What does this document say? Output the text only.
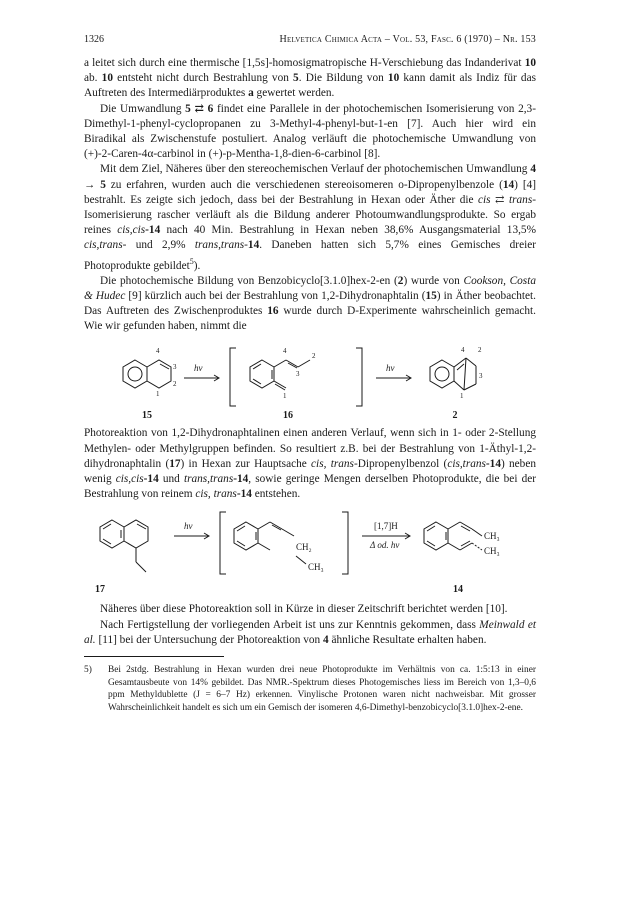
1326	Helvetica Chimica Acta – Vol. 53, Fasc. 6 (1970) – Nr. 153

a leitet sich durch eine thermische [1,5s]-homosigmatropische H-Verschiebung das Indanderivat 10 ab. 10 entsteht nicht durch Bestrahlung von 5. Die Bildung von 10 kann damit als Indiz für das Auftreten des Intermediärproduktes a gewertet werden.

Die Umwandlung 5 ⇄ 6 findet eine Parallele in der photochemischen Isomerisierung von 2,3-Dimethyl-1-phenyl-cyclopropanen zu 3-Methyl-4-phenyl-but-1-en [7]. Auch hier wird ein Biradikal als Zwischenstufe postuliert. Analog verläuft die photochemische Umwandlung von (+)-2-Caren-4α-carbinol in (+)-p-Mentha-1,8-dien-6-carbinol [8].

Mit dem Ziel, Näheres über den stereochemischen Verlauf der photochemischen Umwandlung 4 → 5 zu erfahren, wurden auch die verschiedenen stereoisomeren o-Dipropenylbenzole (14) [4] bestrahlt. Es zeigte sich jedoch, dass bei der Bestrahlung in Hexan oder Äther die cis ⇄ trans-Isomerisierung rascher verläuft als die Bildung anderer Photoumwandlungsprodukte. So ergab reines cis,cis-14 nach 40 Min. Bestrahlung in Hexan neben 38,6% Ausgangsmaterial 13,5% cis,trans- und 2,9% trans,trans-14. Daneben hatten sich 5,7% eines Gemisches dreier Photoprodukte gebildet$^5$).

Die photochemische Bildung von Benzobicyclo[3.1.0]hex-2-en (2) wurde von Cookson, Costa & Hudec [9] kürzlich auch bei der Bestrahlung von 1,2-Dihydronaphtalin (15) in Äther beobachtet. Das Auftreten des Zwischenproduktes 16 wurde durch D-Experimente wahrscheinlich gemacht. Wie wir gefunden haben, nimmt die

4
3
2
1
4
2
3
1
4 2
3
1
hν	hν
15	16	2

Photoreaktion von 1,2-Dihydronaphtalinen einen anderen Verlauf, wenn sich in 1- oder 2-Stellung Methylen- oder Methylgruppen befinden. So resultiert z.B. bei der Bestrahlung von 1-Äthyl-1,2-dihydronaphtalin (17) in Hexan zur Hauptsache cis, trans-Dipropenylbenzol (cis,trans-14) neben wenig cis,cis-14 und trans,trans-14, sowie geringe Mengen derselben Photoprodukte, die bei der Bestrahlung von reinem cis, trans-14 entstehen.

CH₂
CH₃
CH₃
CH₃
[1,7]H
hν
Δ od. hν
17	14

Näheres über diese Photoreaktion soll in Kürze in dieser Zeitschrift berichtet werden [10].

Nach Fertigstellung der vorliegenden Arbeit ist uns zur Kenntnis gekommen, dass Meinwald et al. [11] bei der Untersuchung der Photoreaktion von 4 ähnliche Resultate erhalten haben.

5)	Bei 2stdg. Bestrahlung in Hexan wurden drei neue Photoprodukte im Verhältnis von ca. 1:5:13 in einer Gesamtausbeute von 14% gebildet. Das NMR.-Spektrum dieses Photogemisches liess im Bereich von 1,3–0,6 ppm Methyldublette (J = 6–7 Hz) erkennen. Vinylische Protonen waren nicht nachweisbar. Mit grosser Wahrscheinlichkeit handelt es sich um ein Gemisch der isomeren 4,6-Dimethyl-benzobicyclo[3.1.0]hex-2-ene.
